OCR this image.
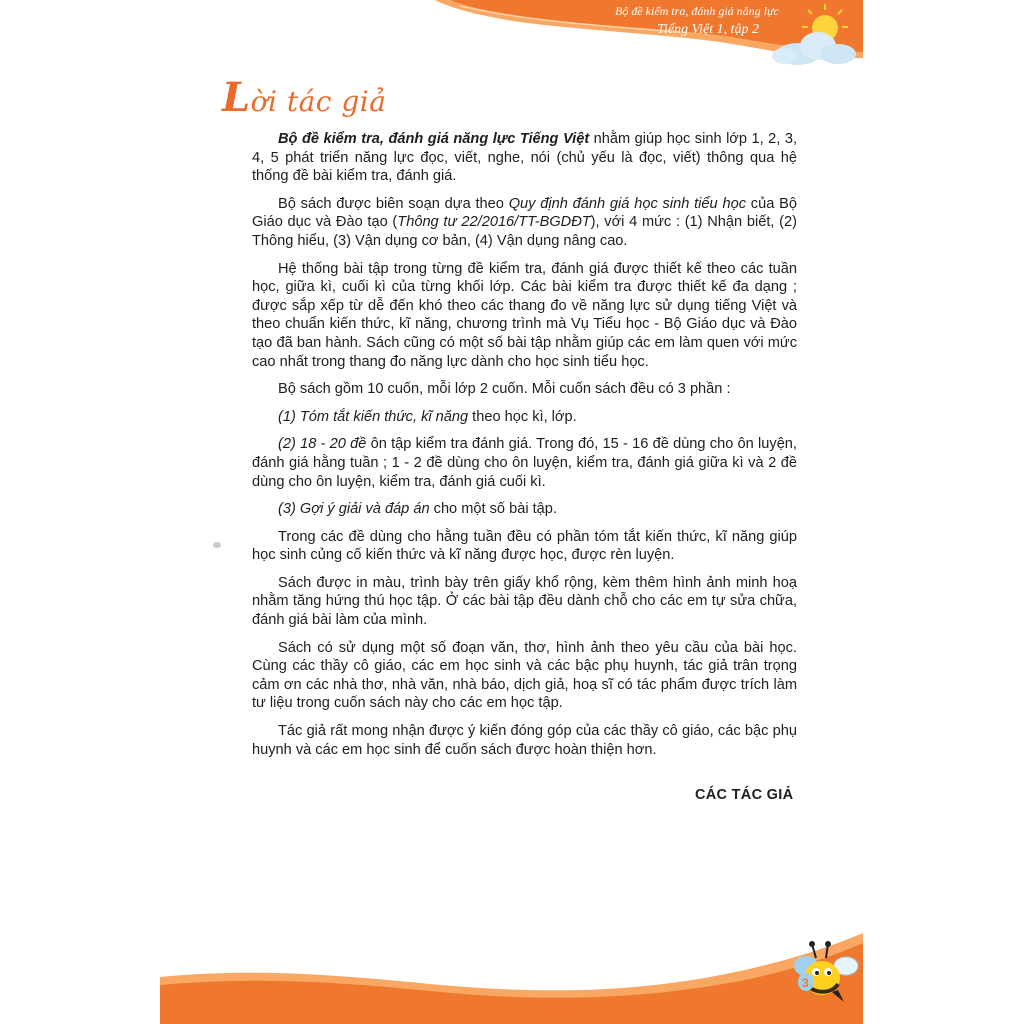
Bộ đề kiểm tra, đánh giá năng lực
Tiếng Việt 1, tập 2
Lời tác giả

Bộ đề kiểm tra, đánh giá năng lực Tiếng Việt nhằm giúp học sinh lớp 1, 2, 3, 4, 5 phát triển năng lực đọc, viết, nghe, nói (chủ yếu là đọc, viết) thông qua hệ thống đề bài kiểm tra, đánh giá.

Bộ sách được biên soạn dựa theo Quy định đánh giá học sinh tiểu học của Bộ Giáo dục và Đào tạo (Thông tư 22/2016/TT-BGDĐT), với 4 mức : (1) Nhận biết, (2) Thông hiểu, (3) Vận dụng cơ bản, (4) Vận dụng nâng cao.

Hệ thống bài tập trong từng đề kiểm tra, đánh giá được thiết kế theo các tuần học, giữa kì, cuối kì của từng khối lớp. Các bài kiểm tra được thiết kế đa dạng ; được sắp xếp từ dễ đến khó theo các thang đo về năng lực sử dụng tiếng Việt và theo chuẩn kiến thức, kĩ năng, chương trình mà Vụ Tiểu học - Bộ Giáo dục và Đào tạo đã ban hành. Sách cũng có một số bài tập nhằm giúp các em làm quen với mức cao nhất trong thang đo năng lực dành cho học sinh tiểu học.

Bộ sách gồm 10 cuốn, mỗi lớp 2 cuốn. Mỗi cuốn sách đều có 3 phần :

(1) Tóm tắt kiến thức, kĩ năng theo học kì, lớp.

(2) 18 - 20 đề ôn tập kiểm tra đánh giá. Trong đó, 15 - 16 đề dùng cho ôn luyện, đánh giá hằng tuần ; 1 - 2 đề dùng cho ôn luyện, kiểm tra, đánh giá giữa kì và 2 đề dùng cho ôn luyện, kiểm tra, đánh giá cuối kì.

(3) Gợi ý giải và đáp án cho một số bài tập.

Trong các đề dùng cho hằng tuần đều có phần tóm tắt kiến thức, kĩ năng giúp học sinh củng cố kiến thức và kĩ năng được học, được rèn luyện.

Sách được in màu, trình bày trên giấy khổ rộng, kèm thêm hình ảnh minh hoạ nhằm tăng hứng thú học tập. Ở các bài tập đều dành chỗ cho các em tự sửa chữa, đánh giá bài làm của mình.

Sách có sử dụng một số đoạn văn, thơ, hình ảnh theo yêu cầu của bài học. Cùng các thầy cô giáo, các em học sinh và các bậc phụ huynh, tác giả trân trọng cảm ơn các nhà thơ, nhà văn, nhà báo, dịch giả, hoạ sĩ có tác phẩm được trích làm tư liệu trong cuốn sách này cho các em học tập.

Tác giả rất mong nhận được ý kiến đóng góp của các thầy cô giáo, các bậc phụ huynh và các em học sinh để cuốn sách được hoàn thiện hơn.

CÁC TÁC GIẢ
3
